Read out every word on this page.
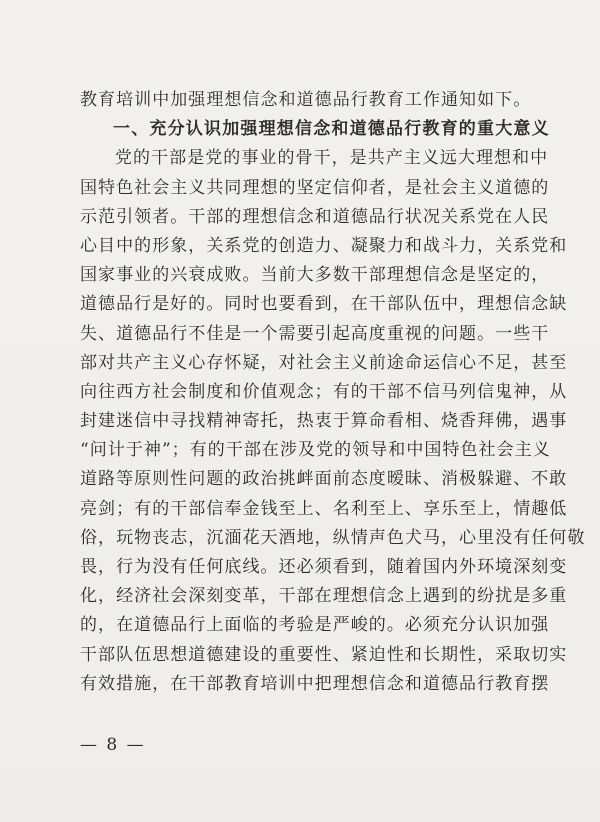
教育培训中加强理想信念和道德品行教育工作通知如下。
一、充分认识加强理想信念和道德品行教育的重大意义
党的干部是党的事业的骨干，是共产主义远大理想和中
国特色社会主义共同理想的坚定信仰者，是社会主义道德的
示范引领者。干部的理想信念和道德品行状况关系党在人民
心目中的形象，关系党的创造力、凝聚力和战斗力，关系党和
国家事业的兴衰成败。当前大多数干部理想信念是坚定的，
道德品行是好的。同时也要看到，在干部队伍中，理想信念缺
失、道德品行不佳是一个需要引起高度重视的问题。一些干
部对共产主义心存怀疑，对社会主义前途命运信心不足，甚至
向往西方社会制度和价值观念；有的干部不信马列信鬼神，从
封建迷信中寻找精神寄托，热衷于算命看相、烧香拜佛，遇事
“问计于神”；有的干部在涉及党的领导和中国特色社会主义
道路等原则性问题的政治挑衅面前态度暧昧、消极躲避、不敢
亮剑；有的干部信奉金钱至上、名利至上、享乐至上，情趣低
俗，玩物丧志，沉湎花天酒地，纵情声色犬马，心里没有任何敬
畏，行为没有任何底线。还必须看到，随着国内外环境深刻变
化，经济社会深刻变革，干部在理想信念上遇到的纷扰是多重
的，在道德品行上面临的考验是严峻的。必须充分认识加强
干部队伍思想道德建设的重要性、紧迫性和长期性，采取切实
有效措施，在干部教育培训中把理想信念和道德品行教育摆
— 8 —
